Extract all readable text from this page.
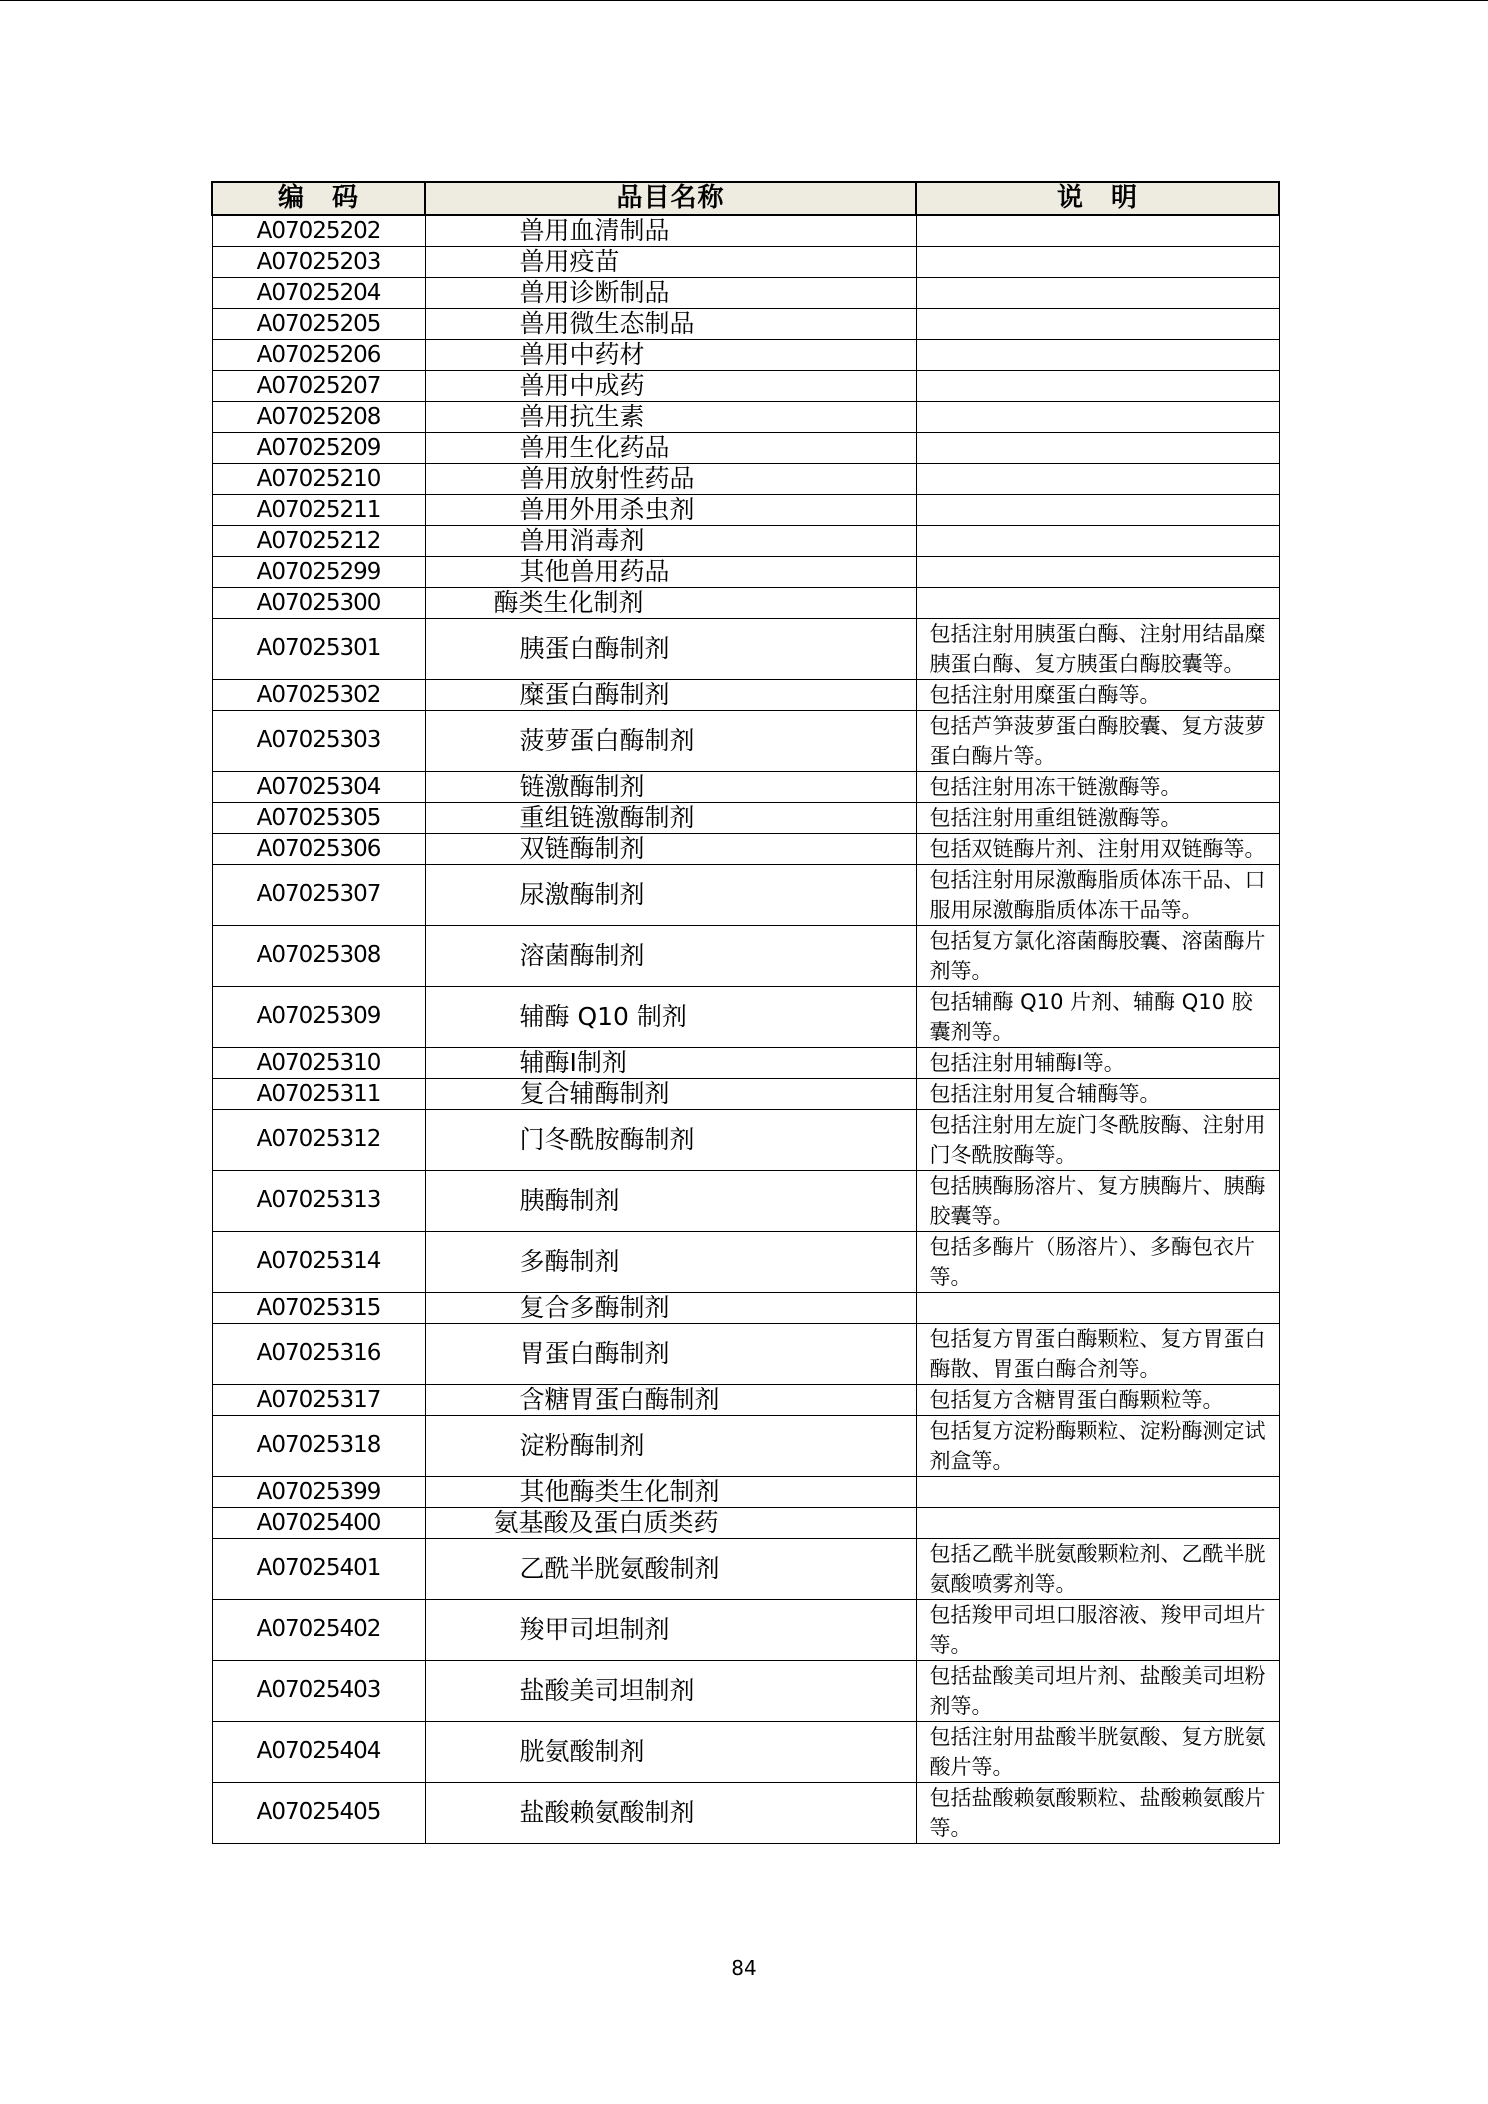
编　码	品目名称	说　明
A07025202	兽用血清制品	
A07025203	兽用疫苗	
A07025204	兽用诊断制品	
A07025205	兽用微生态制品	
A07025206	兽用中药材	
A07025207	兽用中成药	
A07025208	兽用抗生素	
A07025209	兽用生化药品	
A07025210	兽用放射性药品	
A07025211	兽用外用杀虫剂	
A07025212	兽用消毒剂	
A07025299	其他兽用药品	
A07025300	酶类生化制剂	
A07025301	胰蛋白酶制剂	包括注射用胰蛋白酶、注射用结晶糜胰蛋白酶、复方胰蛋白酶胶囊等。
A07025302	糜蛋白酶制剂	包括注射用糜蛋白酶等。
A07025303	菠萝蛋白酶制剂	包括芦笋菠萝蛋白酶胶囊、复方菠萝蛋白酶片等。
A07025304	链激酶制剂	包括注射用冻干链激酶等。
A07025305	重组链激酶制剂	包括注射用重组链激酶等。
A07025306	双链酶制剂	包括双链酶片剂、注射用双链酶等。
A07025307	尿激酶制剂	包括注射用尿激酶脂质体冻干品、口服用尿激酶脂质体冻干品等。
A07025308	溶菌酶制剂	包括复方氯化溶菌酶胶囊、溶菌酶片剂等。
A07025309	辅酶 Q10 制剂	包括辅酶 Q10 片剂、辅酶 Q10 胶囊剂等。
A07025310	辅酶Ⅰ制剂	包括注射用辅酶Ⅰ等。
A07025311	复合辅酶制剂	包括注射用复合辅酶等。
A07025312	门冬酰胺酶制剂	包括注射用左旋门冬酰胺酶、注射用门冬酰胺酶等。
A07025313	胰酶制剂	包括胰酶肠溶片、复方胰酶片、胰酶胶囊等。
A07025314	多酶制剂	包括多酶片（肠溶片）、多酶包衣片等。
A07025315	复合多酶制剂	
A07025316	胃蛋白酶制剂	包括复方胃蛋白酶颗粒、复方胃蛋白酶散、胃蛋白酶合剂等。
A07025317	含糖胃蛋白酶制剂	包括复方含糖胃蛋白酶颗粒等。
A07025318	淀粉酶制剂	包括复方淀粉酶颗粒、淀粉酶测定试剂盒等。
A07025399	其他酶类生化制剂	
A07025400	氨基酸及蛋白质类药	
A07025401	乙酰半胱氨酸制剂	包括乙酰半胱氨酸颗粒剂、乙酰半胱氨酸喷雾剂等。
A07025402	羧甲司坦制剂	包括羧甲司坦口服溶液、羧甲司坦片等。
A07025403	盐酸美司坦制剂	包括盐酸美司坦片剂、盐酸美司坦粉剂等。
A07025404	胱氨酸制剂	包括注射用盐酸半胱氨酸、复方胱氨酸片等。
A07025405	盐酸赖氨酸制剂	包括盐酸赖氨酸颗粒、盐酸赖氨酸片等。
84
